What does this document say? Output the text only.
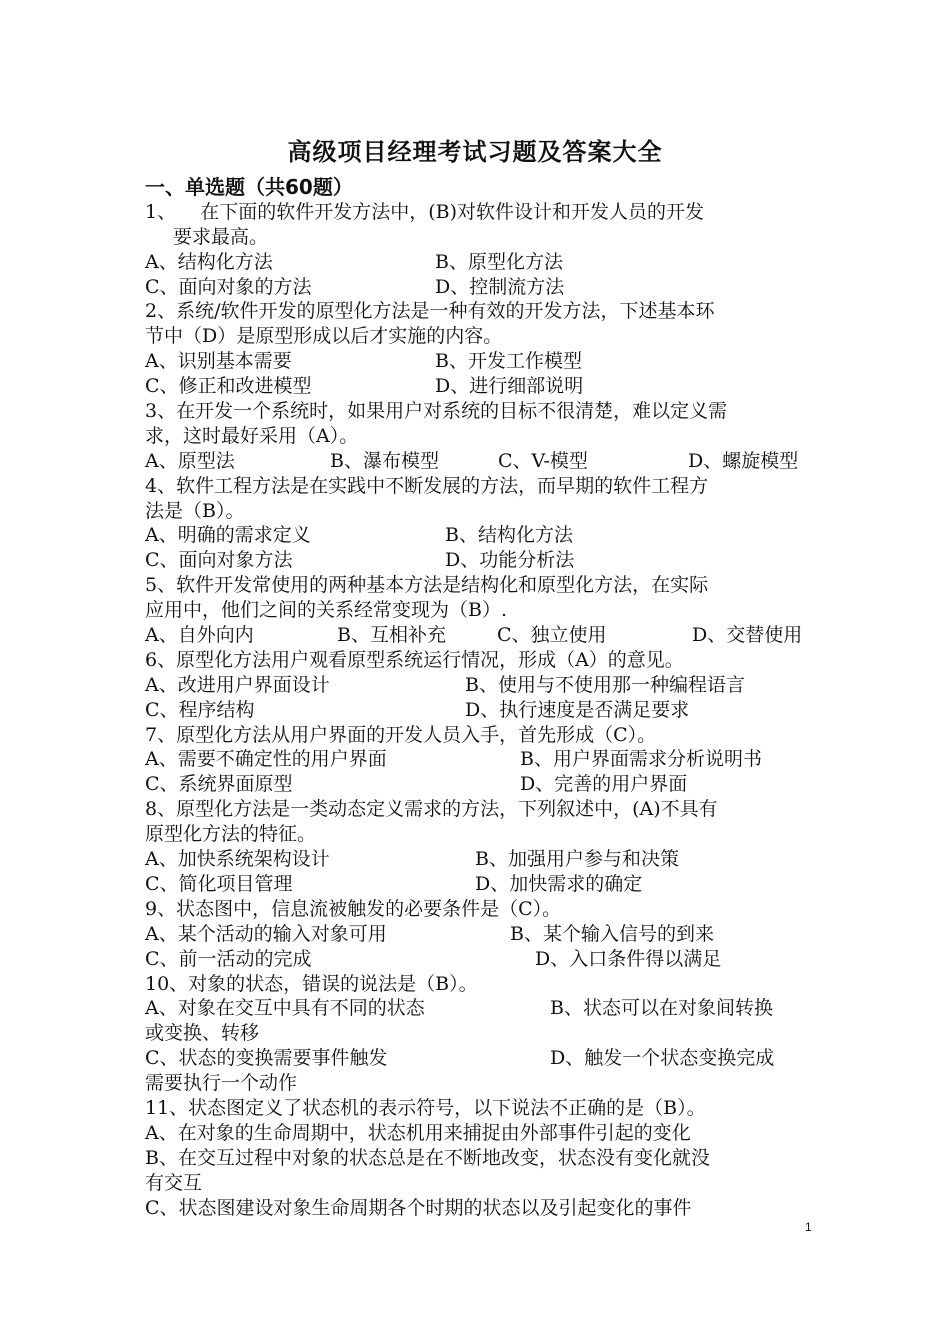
高级项目经理考试习题及答案大全
一、单选题（共60题）
1、    在下面的软件开发方法中，(B)对软件设计和开发人员的开发
要求最高。
A、结构化方法	B、原型化方法
C、面向对象的方法	D、控制流方法
2、系统/软件开发的原型化方法是一种有效的开发方法，下述基本环
节中（D）是原型形成以后才实施的内容。
A、识别基本需要	B、开发工作模型
C、修正和改进模型	D、进行细部说明
3、在开发一个系统时，如果用户对系统的目标不很清楚，难以定义需
求，这时最好采用（A）。
A、原型法	B、瀑布模型	C、V-模型	D、螺旋模型
4、软件工程方法是在实践中不断发展的方法，而早期的软件工程方
法是（B）。
A、明确的需求定义	B、结构化方法
C、面向对象方法	D、功能分析法
5、软件开发常使用的两种基本方法是结构化和原型化方法，在实际
应用中，他们之间的关系经常变现为（B）.
A、自外向内	B、互相补充	C、独立使用	D、交替使用
6、原型化方法用户观看原型系统运行情况，形成（A）的意见。
A、改进用户界面设计	B、使用与不使用那一种编程语言
C、程序结构	D、执行速度是否满足要求
7、原型化方法从用户界面的开发人员入手，首先形成（C）。
A、需要不确定性的用户界面	B、用户界面需求分析说明书
C、系统界面原型	D、完善的用户界面
8、原型化方法是一类动态定义需求的方法，下列叙述中，(A)不具有
原型化方法的特征。
A、加快系统架构设计	B、加强用户参与和决策
C、简化项目管理	D、加快需求的确定
9、状态图中，信息流被触发的必要条件是（C）。
A、某个活动的输入对象可用	B、某个输入信号的到来
C、前一活动的完成	D、入口条件得以满足
10、对象的状态，错误的说法是（B）。
A、对象在交互中具有不同的状态	B、状态可以在对象间转换
或变换、转移
C、状态的变换需要事件触发	D、触发一个状态变换完成
需要执行一个动作
11、状态图定义了状态机的表示符号，以下说法不正确的是（B）。
A、在对象的生命周期中，状态机用来捕捉由外部事件引起的变化
B、在交互过程中对象的状态总是在不断地改变，状态没有变化就没
有交互
C、状态图建设对象生命周期各个时期的状态以及引起变化的事件
1
